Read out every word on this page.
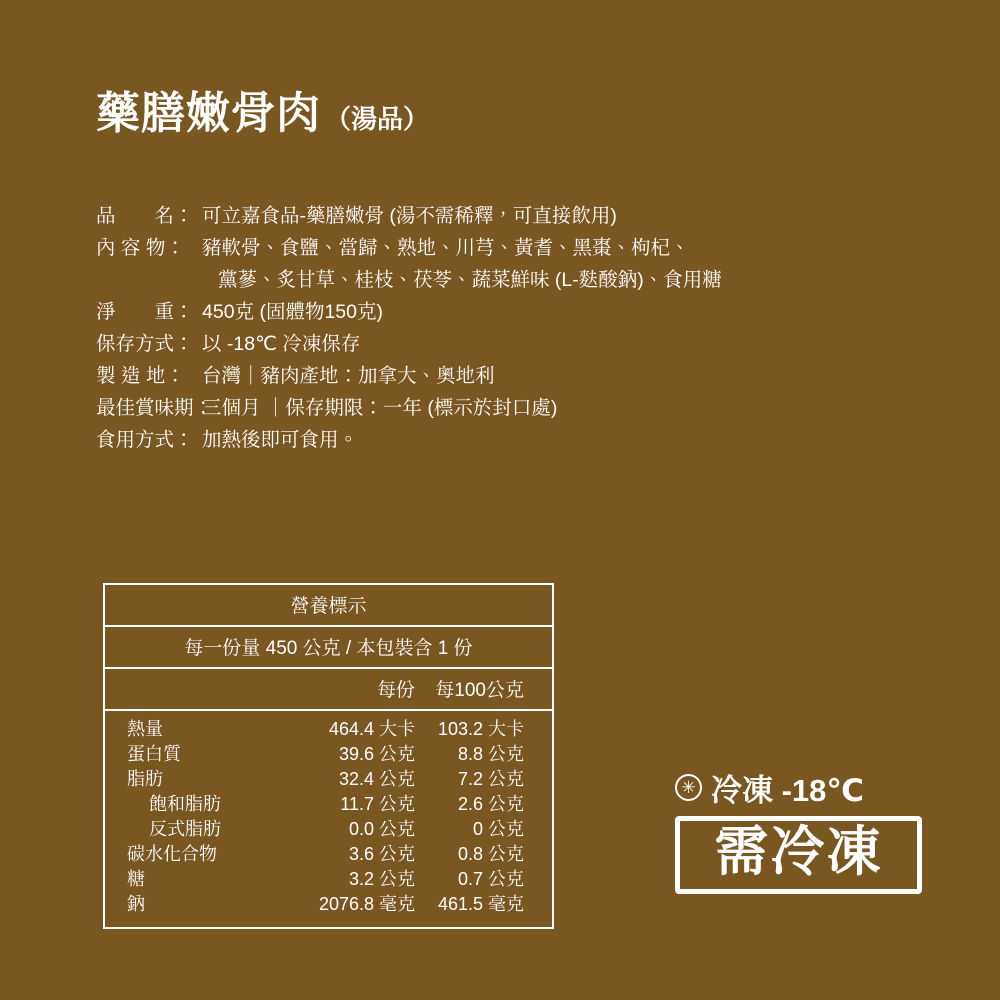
藥膳嫩骨肉 （湯品）
品　　名： 可立嘉食品-藥膳嫩骨 (湯不需稀釋，可直接飲用)
內 容 物： 豬軟骨、食鹽、當歸、熟地、川芎、黃耆、黑棗、枸杞、
黨蔘、炙甘草、桂枝、茯苓、蔬菜鮮味 (L-麩酸鈉)、食用糖
淨　　重： 450克 (固體物150克)
保存方式： 以 -18℃ 冷凍保存
製 造 地： 台灣｜豬肉產地：加拿大、奧地利
最佳賞味期：三個月 ｜保存期限：一年 (標示於封口處)
食用方式： 加熱後即可食用。
營養標示
每一份量 450 公克 / 本包裝含 1 份
每份	每100公克
熱量	464.4 大卡	103.2 大卡
蛋白質	39.6 公克	8.8 公克
脂肪	32.4 公克	7.2 公克
飽和脂肪	11.7 公克	2.6 公克
反式脂肪	0.0 公克	0 公克
碳水化合物	3.6 公克	0.8 公克
糖	3.2 公克	0.7 公克
鈉	2076.8 毫克	461.5 毫克
✳ 冷凍 -18℃
需冷凍
